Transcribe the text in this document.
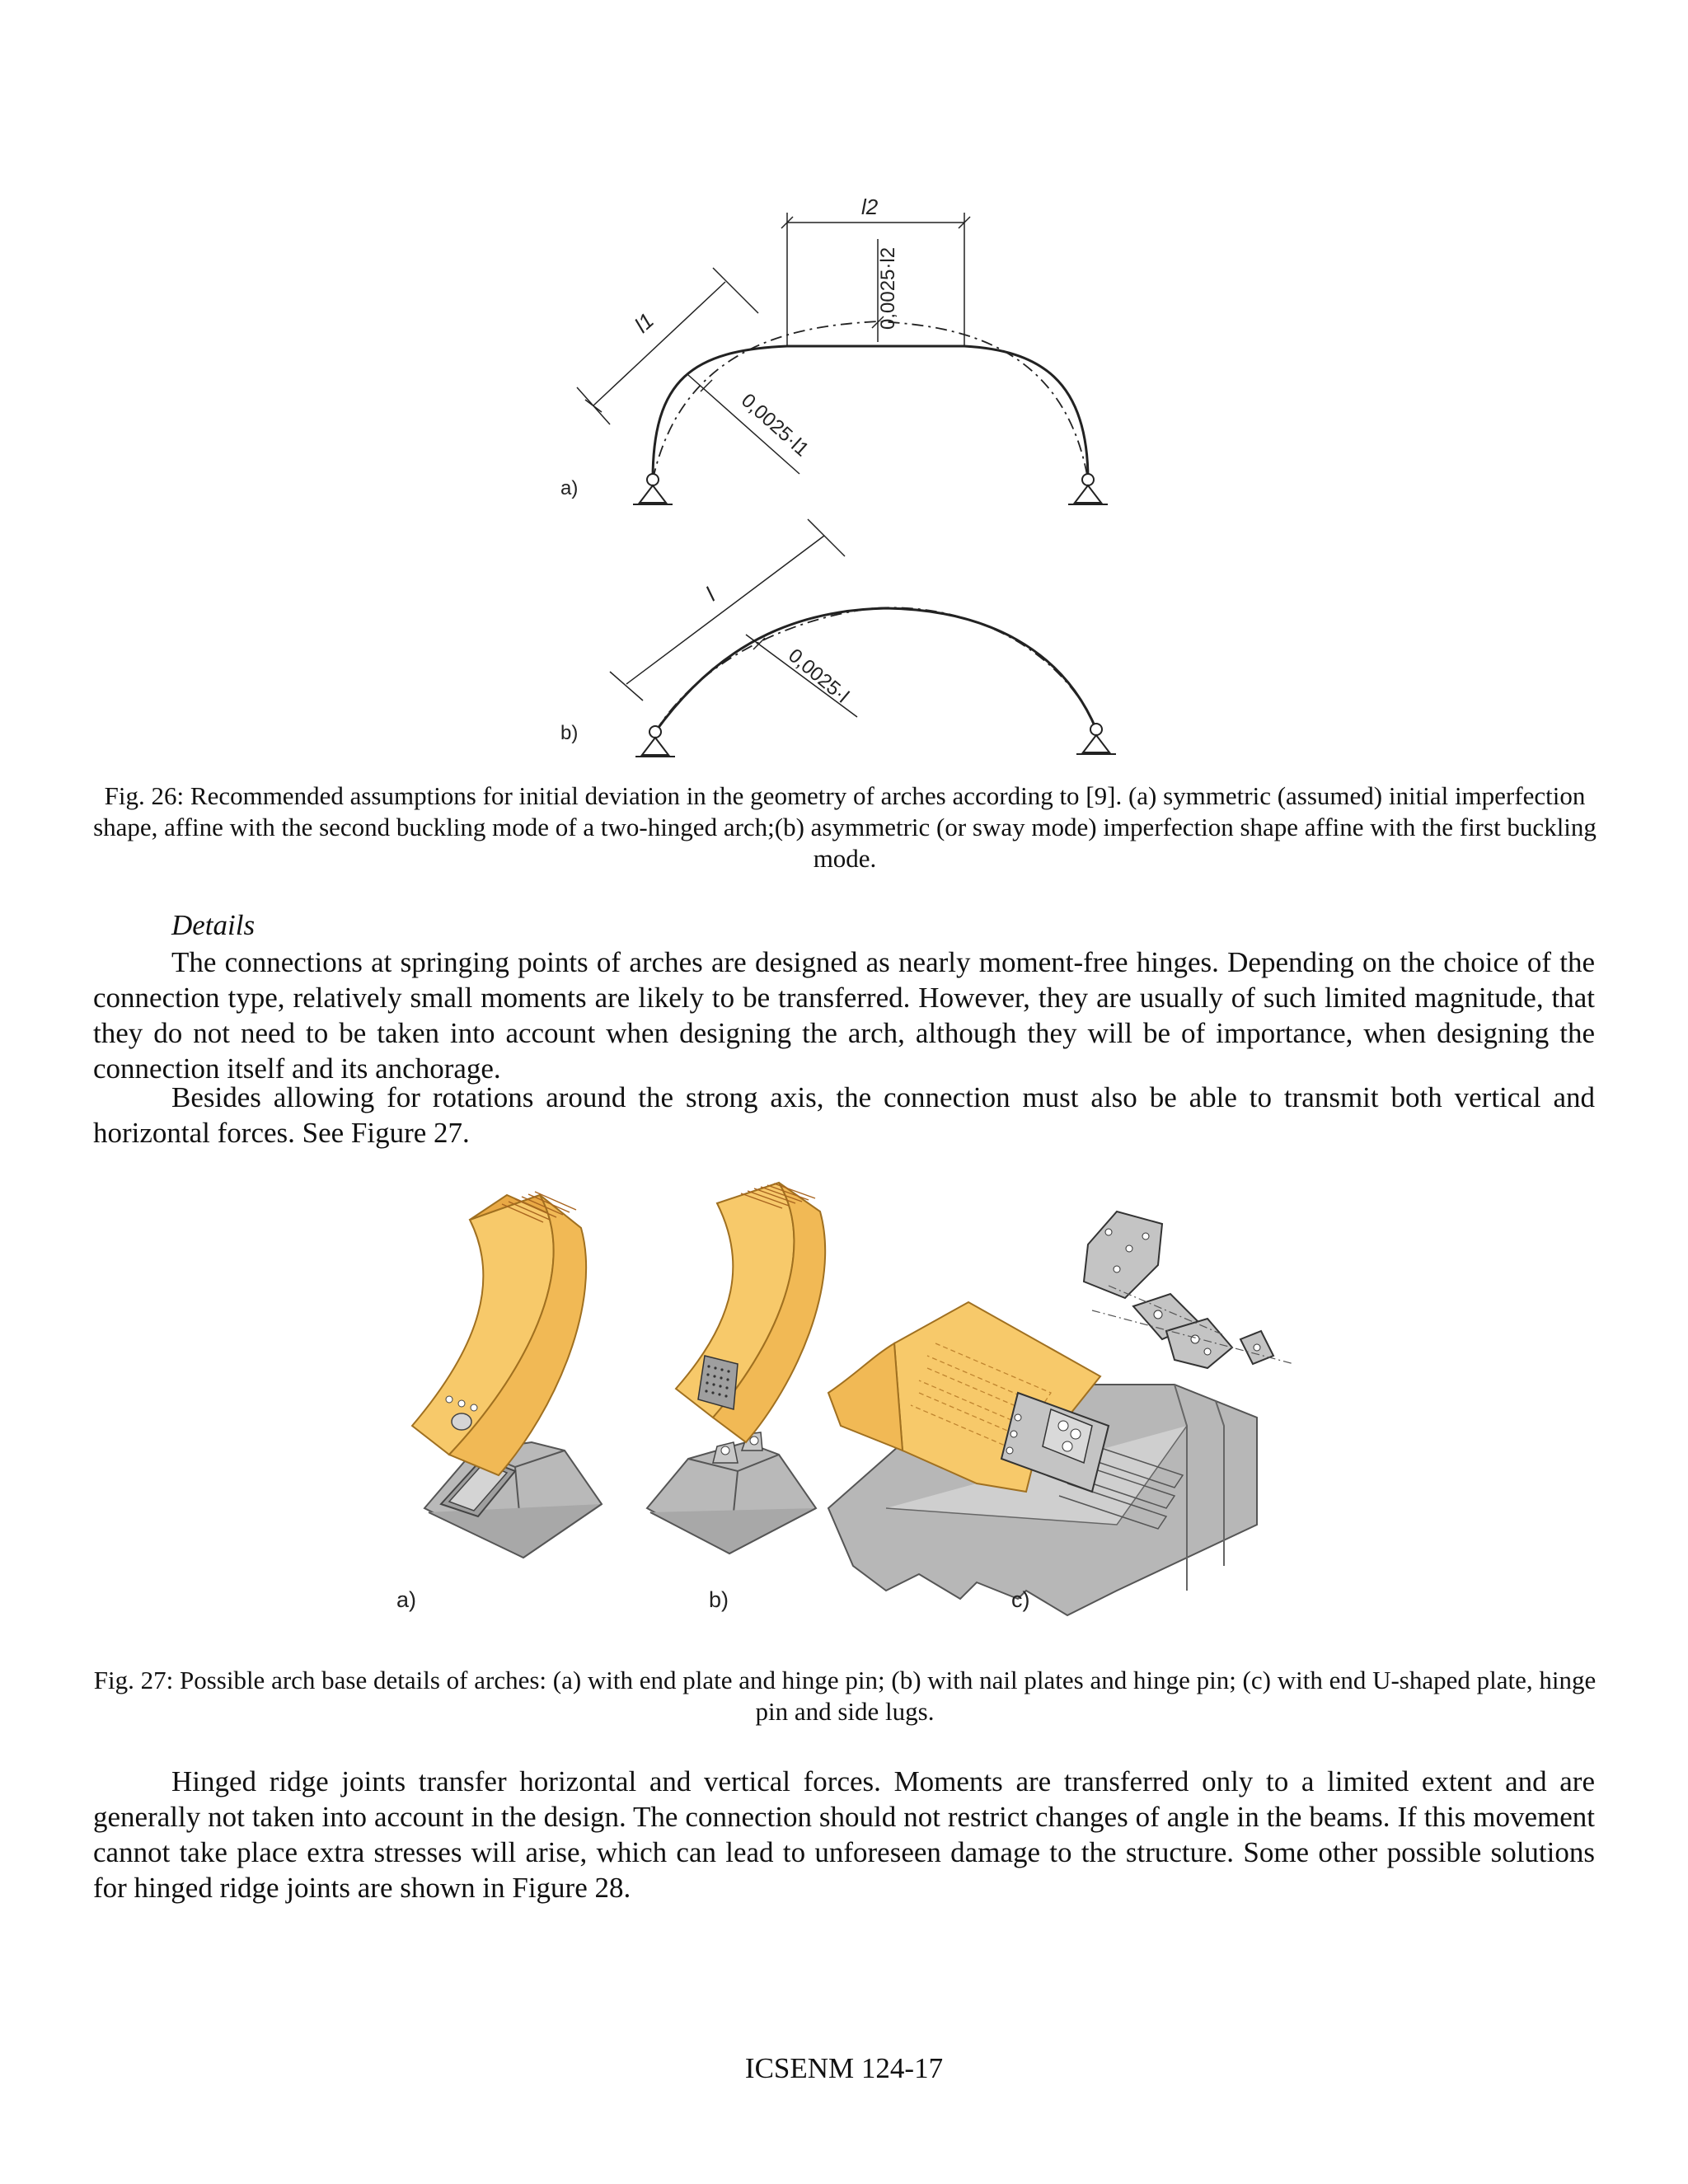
l2
0,0025·l2
l1
0,0025·l1
a)
l
0,0025·l
b)
Fig. 26: Recommended assumptions for initial deviation in the geometry of arches according to [9]. (a) symmetric (assumed) initial imperfection shape, affine with the second buckling mode of a two-hinged arch;(b) asymmetric (or sway mode) imperfection shape affine with the first buckling mode.
Details
The connections at springing points of arches are designed as nearly moment-free hinges. Depending on the choice of the connection type, relatively small moments are likely to be transferred. However, they are usually of such limited magnitude, that they do not need to be taken into account when designing the arch, although they will be of importance, when designing the connection itself and its anchorage.
Besides allowing for rotations around the strong axis, the connection must also be able to transmit both vertical and horizontal forces. See Figure 27.
a)	b)	c)
Fig. 27: Possible arch base details of arches: (a) with end plate and hinge pin; (b) with nail plates and hinge pin; (c) with end U-shaped plate, hinge pin and side lugs.
Hinged ridge joints transfer horizontal and vertical forces. Moments are transferred only to a limited extent and are generally not taken into account in the design. The connection should not restrict changes of angle in the beams. If this movement cannot take place extra stresses will arise, which can lead to unforeseen damage to the structure. Some other possible solutions for hinged ridge joints are shown in Figure 28.
ICSENM 124-17
